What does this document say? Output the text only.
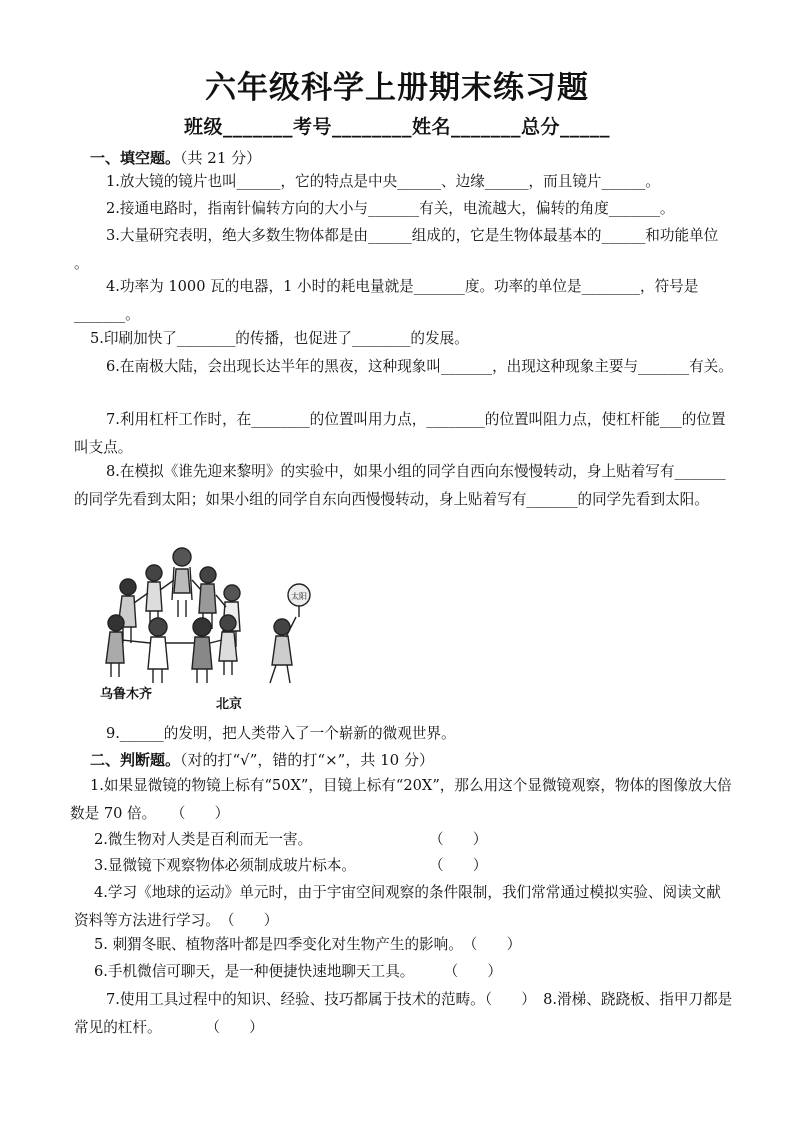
六年级科学上册期末练习题
班级_______考号________姓名_______总分_____
一、填空题。（共 21 分）

1.放大镜的镜片也叫______，它的特点是中央______、边缘______，而且镜片______。

2.接通电路时，指南针偏转方向的大小与_______有关，电流越大，偏转的角度_______。

3.大量研究表明，绝大多数生物体都是由______组成的，它是生物体最基本的______和功能单位 。

4.功率为 1000 瓦的电器，1 小时的耗电量就是_______度。功率的单位是________，符号是_______。

5.印刷加快了________的传播，也促进了________的发展。

6.在南极大陆，会出现长达半年的黑夜，这种现象叫_______，出现这种现象主要与_______有关。

7.利用杠杆工作时，在________的位置叫用力点，________的位置叫阻力点，使杠杆能___的位置叫支点。

8.在模拟《谁先迎来黎明》的实验中，如果小组的同学自西向东慢慢转动，身上贴着写有_______　的同学先看到太阳；如果小组的同学自东向西慢慢转动，身上贴着写有_______的同学先看到太阳。

太阳
乌鲁木齐
北京

9.______的发明，把人类带入了一个崭新的微观世界。

二、判断题。（对的打“√”，错的打“×”，共 10 分）

1.如果显微镜的物镜上标有“50X”，目镜上标有“20X”，那么用这个显微镜观察，物体的图像放大倍数是 70 倍。　　（　　）

2.微生物对人类是百利而无一害。　　　　　　　　　（　　）

3.显微镜下观察物体必须制成玻片标本。　　　　　　（　　）

4.学习《地球的运动》单元时，由于宇宙空间观察的条件限制，我们常常通过模拟实验、阅读文献资料等方法进行学习。　（　　）

5. 刺猬冬眠、植物落叶都是四季变化对生物产生的影响。　（　　）

6.手机微信可聊天，是一种便捷快速地聊天工具。　　　（　　）

7.使用工具过程中的知识、经验、技巧都属于技术的范畴。（　　）　8.滑梯、跷跷板、指甲刀都是常见的杠杆。　　　　（　　）
